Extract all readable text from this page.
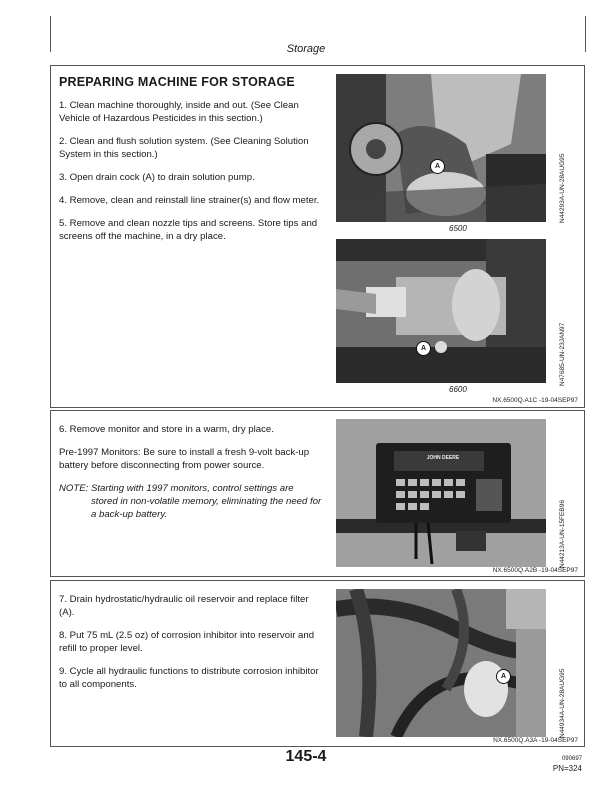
Storage

PREPARING MACHINE FOR STORAGE

1. Clean machine thoroughly, inside and out. (See Clean Vehicle of Hazardous Pesticides in this section.)

2. Clean and flush solution system. (See Cleaning Solution System in this section.)

3. Open drain cock (A) to drain solution pump.

4. Remove, clean and reinstall line strainer(s) and flow meter.

5. Remove and clean nozzle tips and screens. Store tips and screens off the machine, in a dry place.

A
N44293A-UN-28AUG95
6500
A
N47685-UN-23JAN97
6600
NX.6500Q.A1C -19-04SEP97

6. Remove monitor and store in a warm, dry place.

Pre-1997 Monitors: Be sure to install a fresh 9-volt back-up battery before disconnecting from power source.

NOTE: Starting with 1997 monitors, control settings are
stored in non-volatile memory, eliminating the need for a back-up battery.

JOHN DEERE
N44213A-UN-15FEB96
NX.6500Q.A2B -19-04SEP97

7. Drain hydrostatic/hydraulic oil reservoir and replace filter (A).

8. Put 75 mL (2.5 oz) of corrosion inhibitor into reservoir and refill to proper level.

9. Cycle all hydraulic functions to distribute corrosion inhibitor to all components.

A
N44934A-UN-28AUG95
NX.6500Q.A3A -19-04SEP97
145-4	090697
PN=324
